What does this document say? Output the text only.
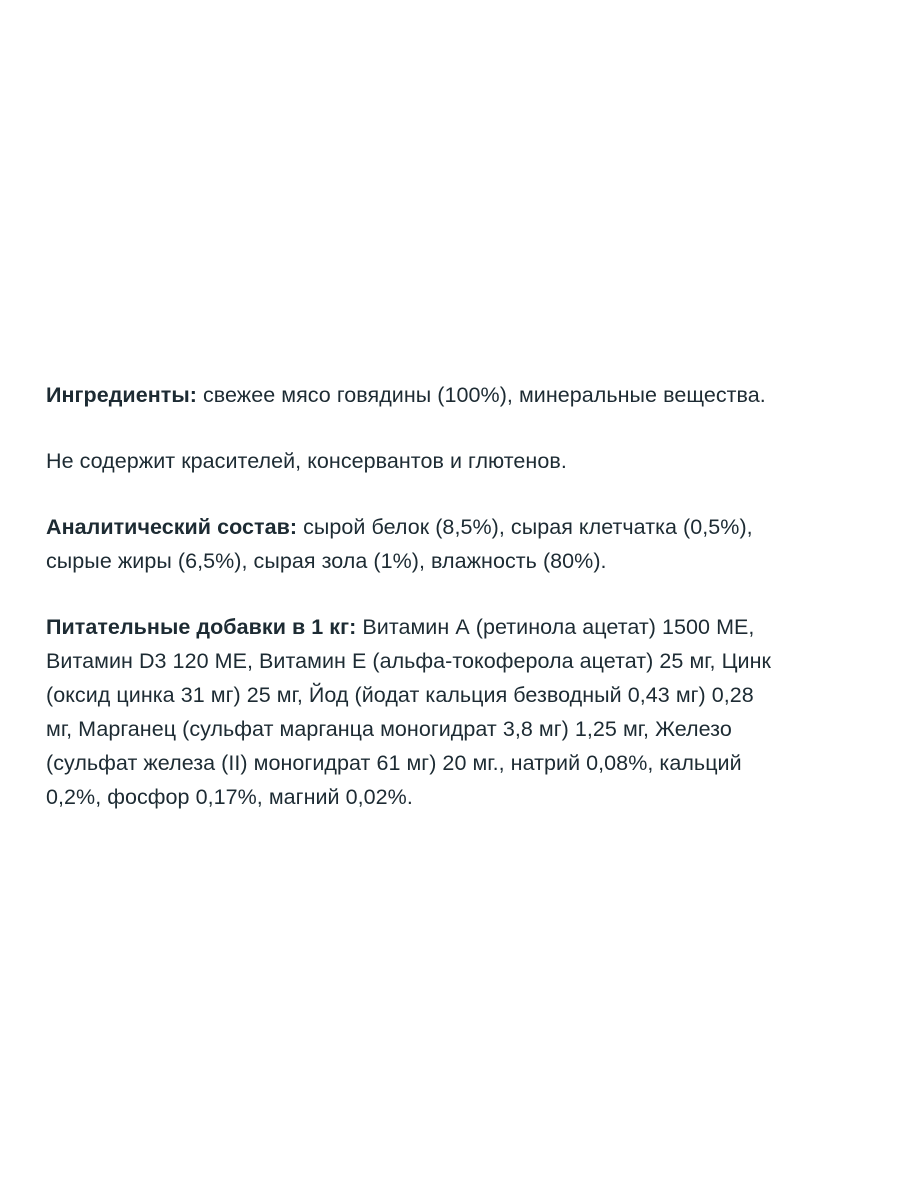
Ингредиенты: свежее мясо говядины (100%), минеральные вещества.

Не содержит красителей, консервантов и глютенов.

Аналитический состав: сырой белок (8,5%), сырая клетчатка (0,5%),
сырые жиры (6,5%), сырая зола (1%), влажность (80%).

Питательные добавки в 1 кг: Витамин А (ретинола ацетат) 1500 МЕ,
Витамин D3 120 МЕ, Витамин Е (альфа-токоферола ацетат) 25 мг, Цинк
(оксид цинка 31 мг) 25 мг, Йод (йодат кальция безводный 0,43 мг) 0,28
мг, Марганец (сульфат марганца моногидрат 3,8 мг) 1,25 мг, Железо
(сульфат железа (II) моногидрат 61 мг) 20 мг., натрий 0,08%, кальций
0,2%, фосфор 0,17%, магний 0,02%.
